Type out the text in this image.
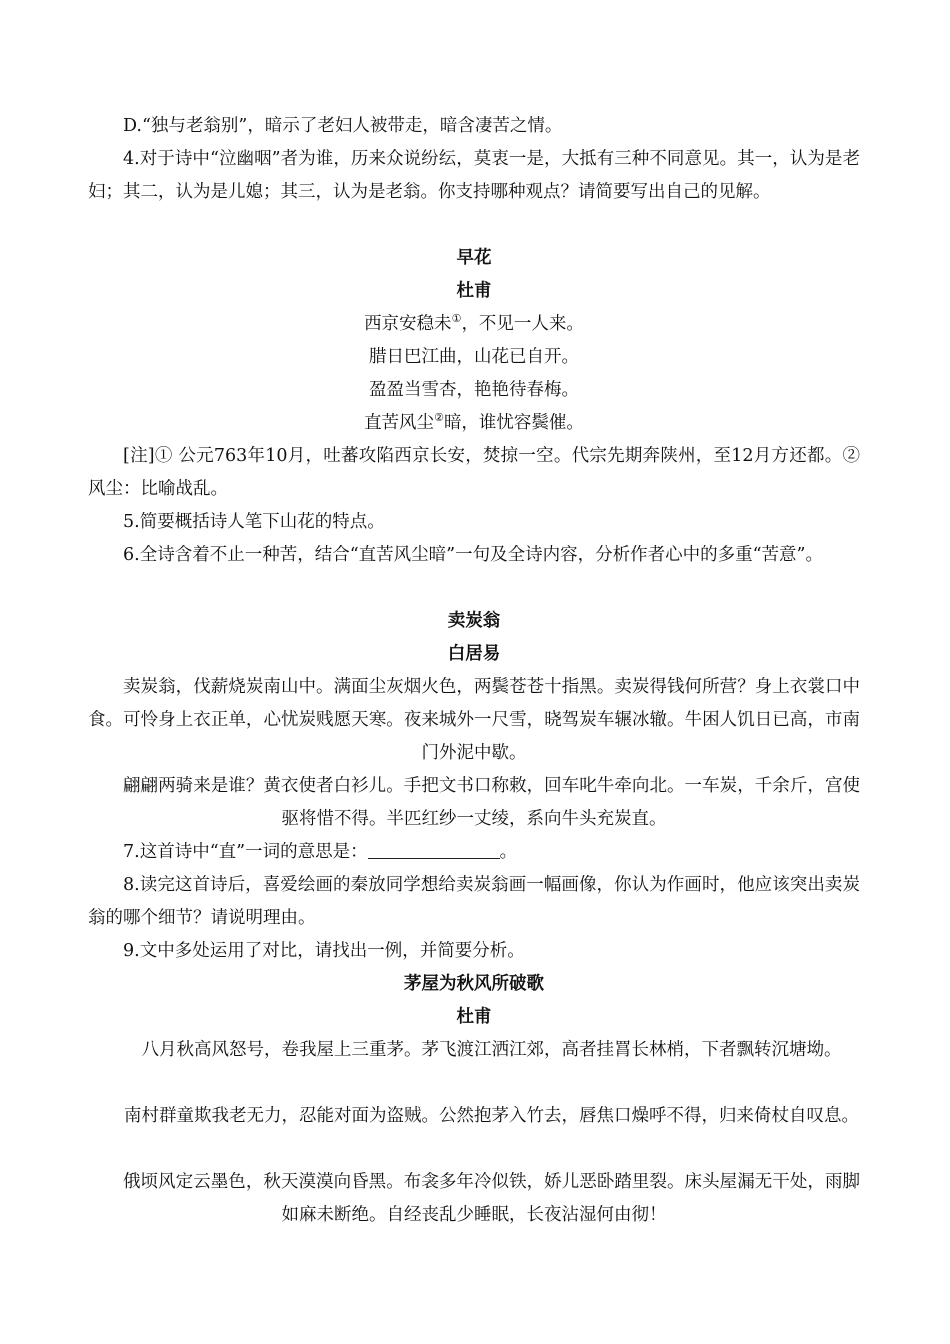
D.“独与老翁别”，暗示了老妇人被带走，暗含凄苦之情。

4.对于诗中“泣幽咽”者为谁，历来众说纷纭，莫衷一是，大抵有三种不同意见。其一，认为是老妇；其二，认为是儿媳；其三，认为是老翁。你支持哪种观点？请简要写出自己的见解。

早花

杜甫

西京安稳未①，不见一人来。

腊日巴江曲，山花已自开。

盈盈当雪杏，艳艳待春梅。

直苦风尘②暗，谁忧容鬓催。

[注]① 公元763年10月，吐蕃攻陷西京长安，焚掠一空。代宗先期奔陕州，至12月方还都。②风尘：比喻战乱。

5.简要概括诗人笔下山花的特点。

6.全诗含着不止一种苦，结合“直苦风尘暗”一句及全诗内容，分析作者心中的多重“苦意”。

卖炭翁

白居易

卖炭翁，伐薪烧炭南山中。满面尘灰烟火色，两鬓苍苍十指黑。卖炭得钱何所营？身上衣裳口中食。可怜身上衣正单，心忧炭贱愿天寒。夜来城外一尺雪，晓驾炭车辗冰辙。牛困人饥日已高，市南门外泥中歇。

翩翩两骑来是谁？黄衣使者白衫儿。手把文书口称敕，回车叱牛牵向北。一车炭，千余斤，宫使驱将惜不得。半匹红纱一丈绫，系向牛头充炭直。

7.这首诗中“直”一词的意思是：	。

8.读完这首诗后，喜爱绘画的秦放同学想给卖炭翁画一幅画像，你认为作画时，他应该突出卖炭翁的哪个细节？请说明理由。

9.文中多处运用了对比，请找出一例，并简要分析。

茅屋为秋风所破歌

杜甫

八月秋高风怒号，卷我屋上三重茅。茅飞渡江洒江郊，高者挂罥长林梢，下者飘转沉塘坳。

南村群童欺我老无力，忍能对面为盗贼。公然抱茅入竹去，唇焦口燥呼不得，归来倚杖自叹息。

俄顷风定云墨色，秋天漠漠向昏黑。布衾多年冷似铁，娇儿恶卧踏里裂。床头屋漏无干处，雨脚如麻未断绝。自经丧乱少睡眠，长夜沾湿何由彻！
